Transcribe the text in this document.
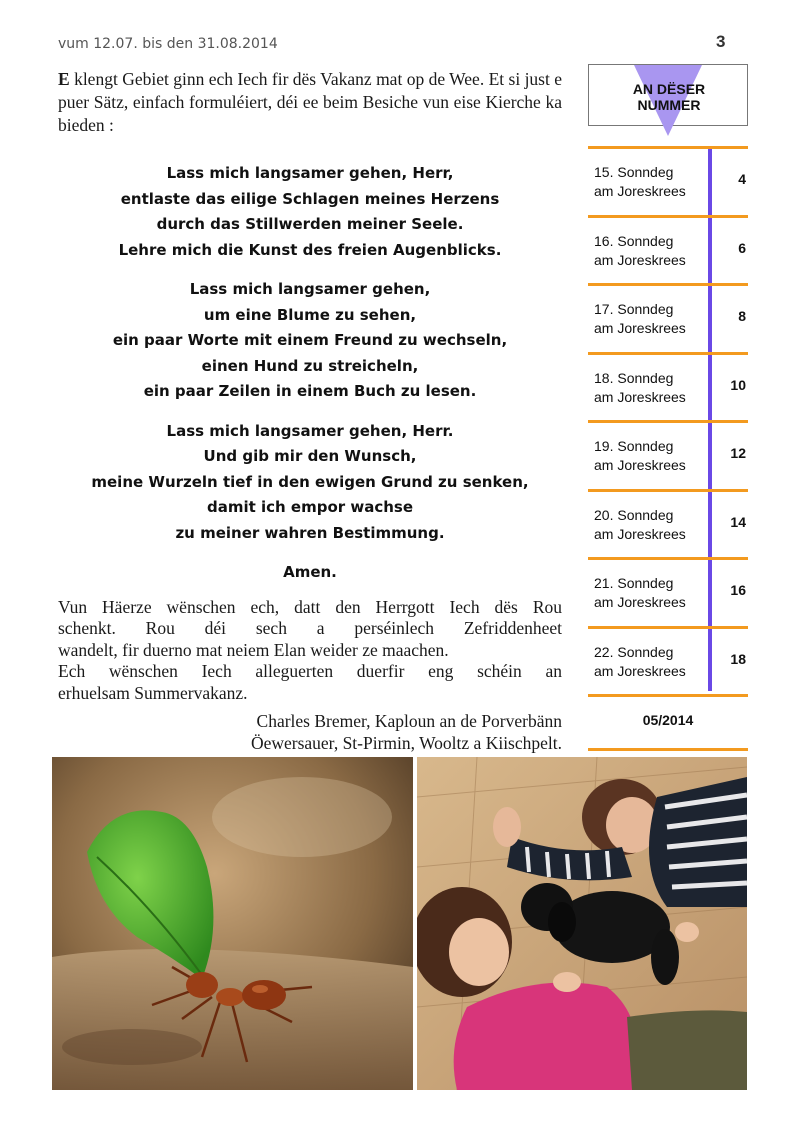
vum 12.07. bis den 31.08.2014	3

E klengt Gebiet ginn ech Iech fir dës Vakanz mat op de Wee. Et si just e puer Sätz, einfach formuléiert, déi ee beim Besiche vun eise Kierche ka bieden :

Lass mich langsamer gehen, Herr,
entlaste das eilige Schlagen meines Herzens
durch das Stillwerden meiner Seele.
Lehre mich die Kunst des freien Augenblicks.
Lass mich langsamer gehen,
um eine Blume zu sehen,
ein paar Worte mit einem Freund zu wechseln,
einen Hund zu streicheln,
ein paar Zeilen in einem Buch zu lesen.
Lass mich langsamer gehen, Herr.
Und gib mir den Wunsch,
meine Wurzeln tief in den ewigen Grund zu senken,
damit ich empor wachse
zu meiner wahren Bestimmung.
Amen.

Vun Häerze wënschen ech, datt den Herrgott Iech dës Rou
schenkt. Rou déi sech a perséinlech Zefriddenheet
wandelt, fir duerno mat neiem Elan weider ze maachen.
Ech wënschen Iech alleguerten duerfir eng schéin an
erhuelsam Summervakanz.

Charles Bremer, Kaploun an de Porverbänn
Öewersauer, St-Pirmin, Wooltz a Kiischpelt.

AN DËSER
NUMMER
15. Sonndeg
am Joreskrees
4
16. Sonndeg
am Joreskrees
6
17. Sonndeg
am Joreskrees
8
18. Sonndeg
am Joreskrees
10
19. Sonndeg
am Joreskrees
12
20. Sonndeg
am Joreskrees
14
21. Sonndeg
am Joreskrees
16
22. Sonndeg
am Joreskrees
18
05/2014
